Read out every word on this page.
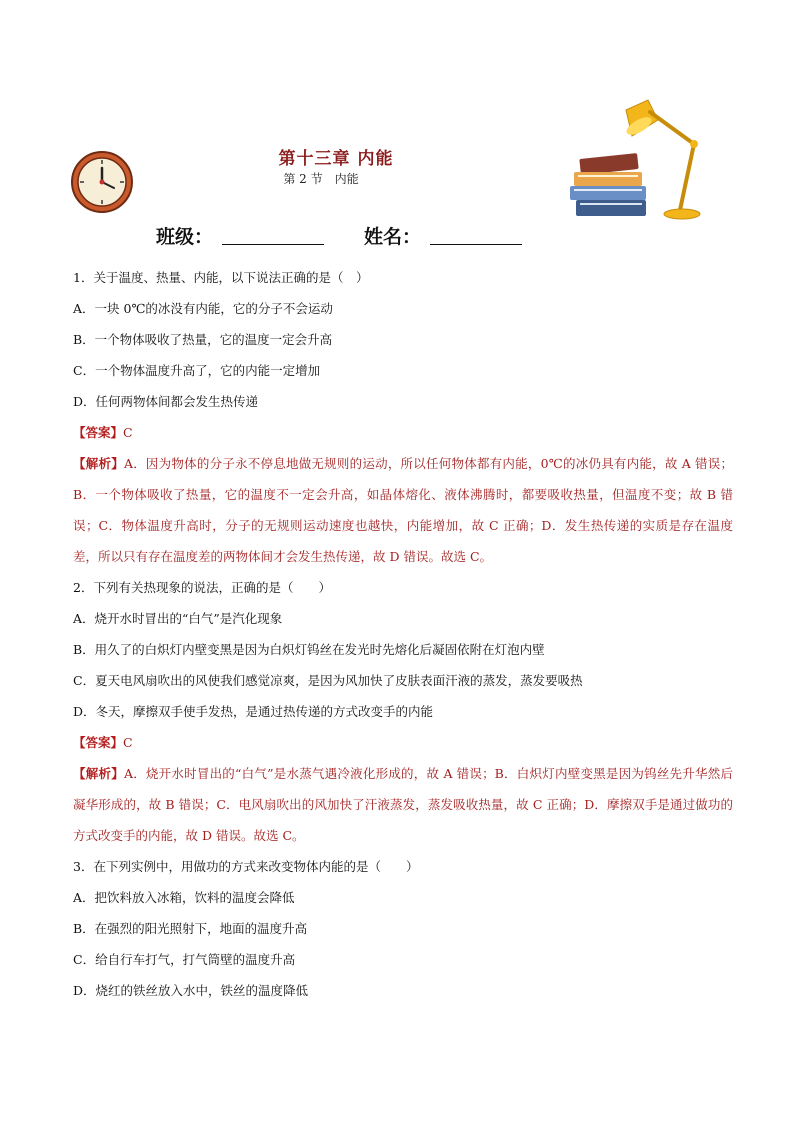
第十三章 内能
第 2 节　内能
班级：	姓名：
1．关于温度、热量、内能，以下说法正确的是（　）
A．一块 0℃的冰没有内能，它的分子不会运动
B．一个物体吸收了热量，它的温度一定会升高
C．一个物体温度升高了，它的内能一定增加
D．任何两物体间都会发生热传递
【答案】C
【解析】A．因为物体的分子永不停息地做无规则的运动，所以任何物体都有内能，0℃的冰仍具有内能，故 A 错误；B．一个物体吸收了热量，它的温度不一定会升高，如晶体熔化、液体沸腾时，都要吸收热量，但温度不变；故 B 错误；C．物体温度升高时，分子的无规则运动速度也越快，内能增加，故 C 正确；D．发生热传递的实质是存在温度差，所以只有存在温度差的两物体间才会发生热传递，故 D 错误。故选 C。
2．下列有关热现象的说法，正确的是（　　）
A．烧开水时冒出的“白气”是汽化现象
B．用久了的白炽灯内壁变黑是因为白炽灯钨丝在发光时先熔化后凝固依附在灯泡内壁
C．夏天电风扇吹出的风使我们感觉凉爽，是因为风加快了皮肤表面汗液的蒸发，蒸发要吸热
D．冬天，摩擦双手使手发热，是通过热传递的方式改变手的内能
【答案】C
【解析】A．烧开水时冒出的“白气”是水蒸气遇冷液化形成的，故 A 错误；B．白炽灯内壁变黑是因为钨丝先升华然后凝华形成的，故 B 错误；C．电风扇吹出的风加快了汗液蒸发，蒸发吸收热量，故 C 正确；D．摩擦双手是通过做功的方式改变手的内能，故 D 错误。故选 C。
3．在下列实例中，用做功的方式来改变物体内能的是（　　）
A．把饮料放入冰箱，饮料的温度会降低
B．在强烈的阳光照射下，地面的温度升高
C．给自行车打气，打气筒壁的温度升高
D．烧红的铁丝放入水中，铁丝的温度降低
